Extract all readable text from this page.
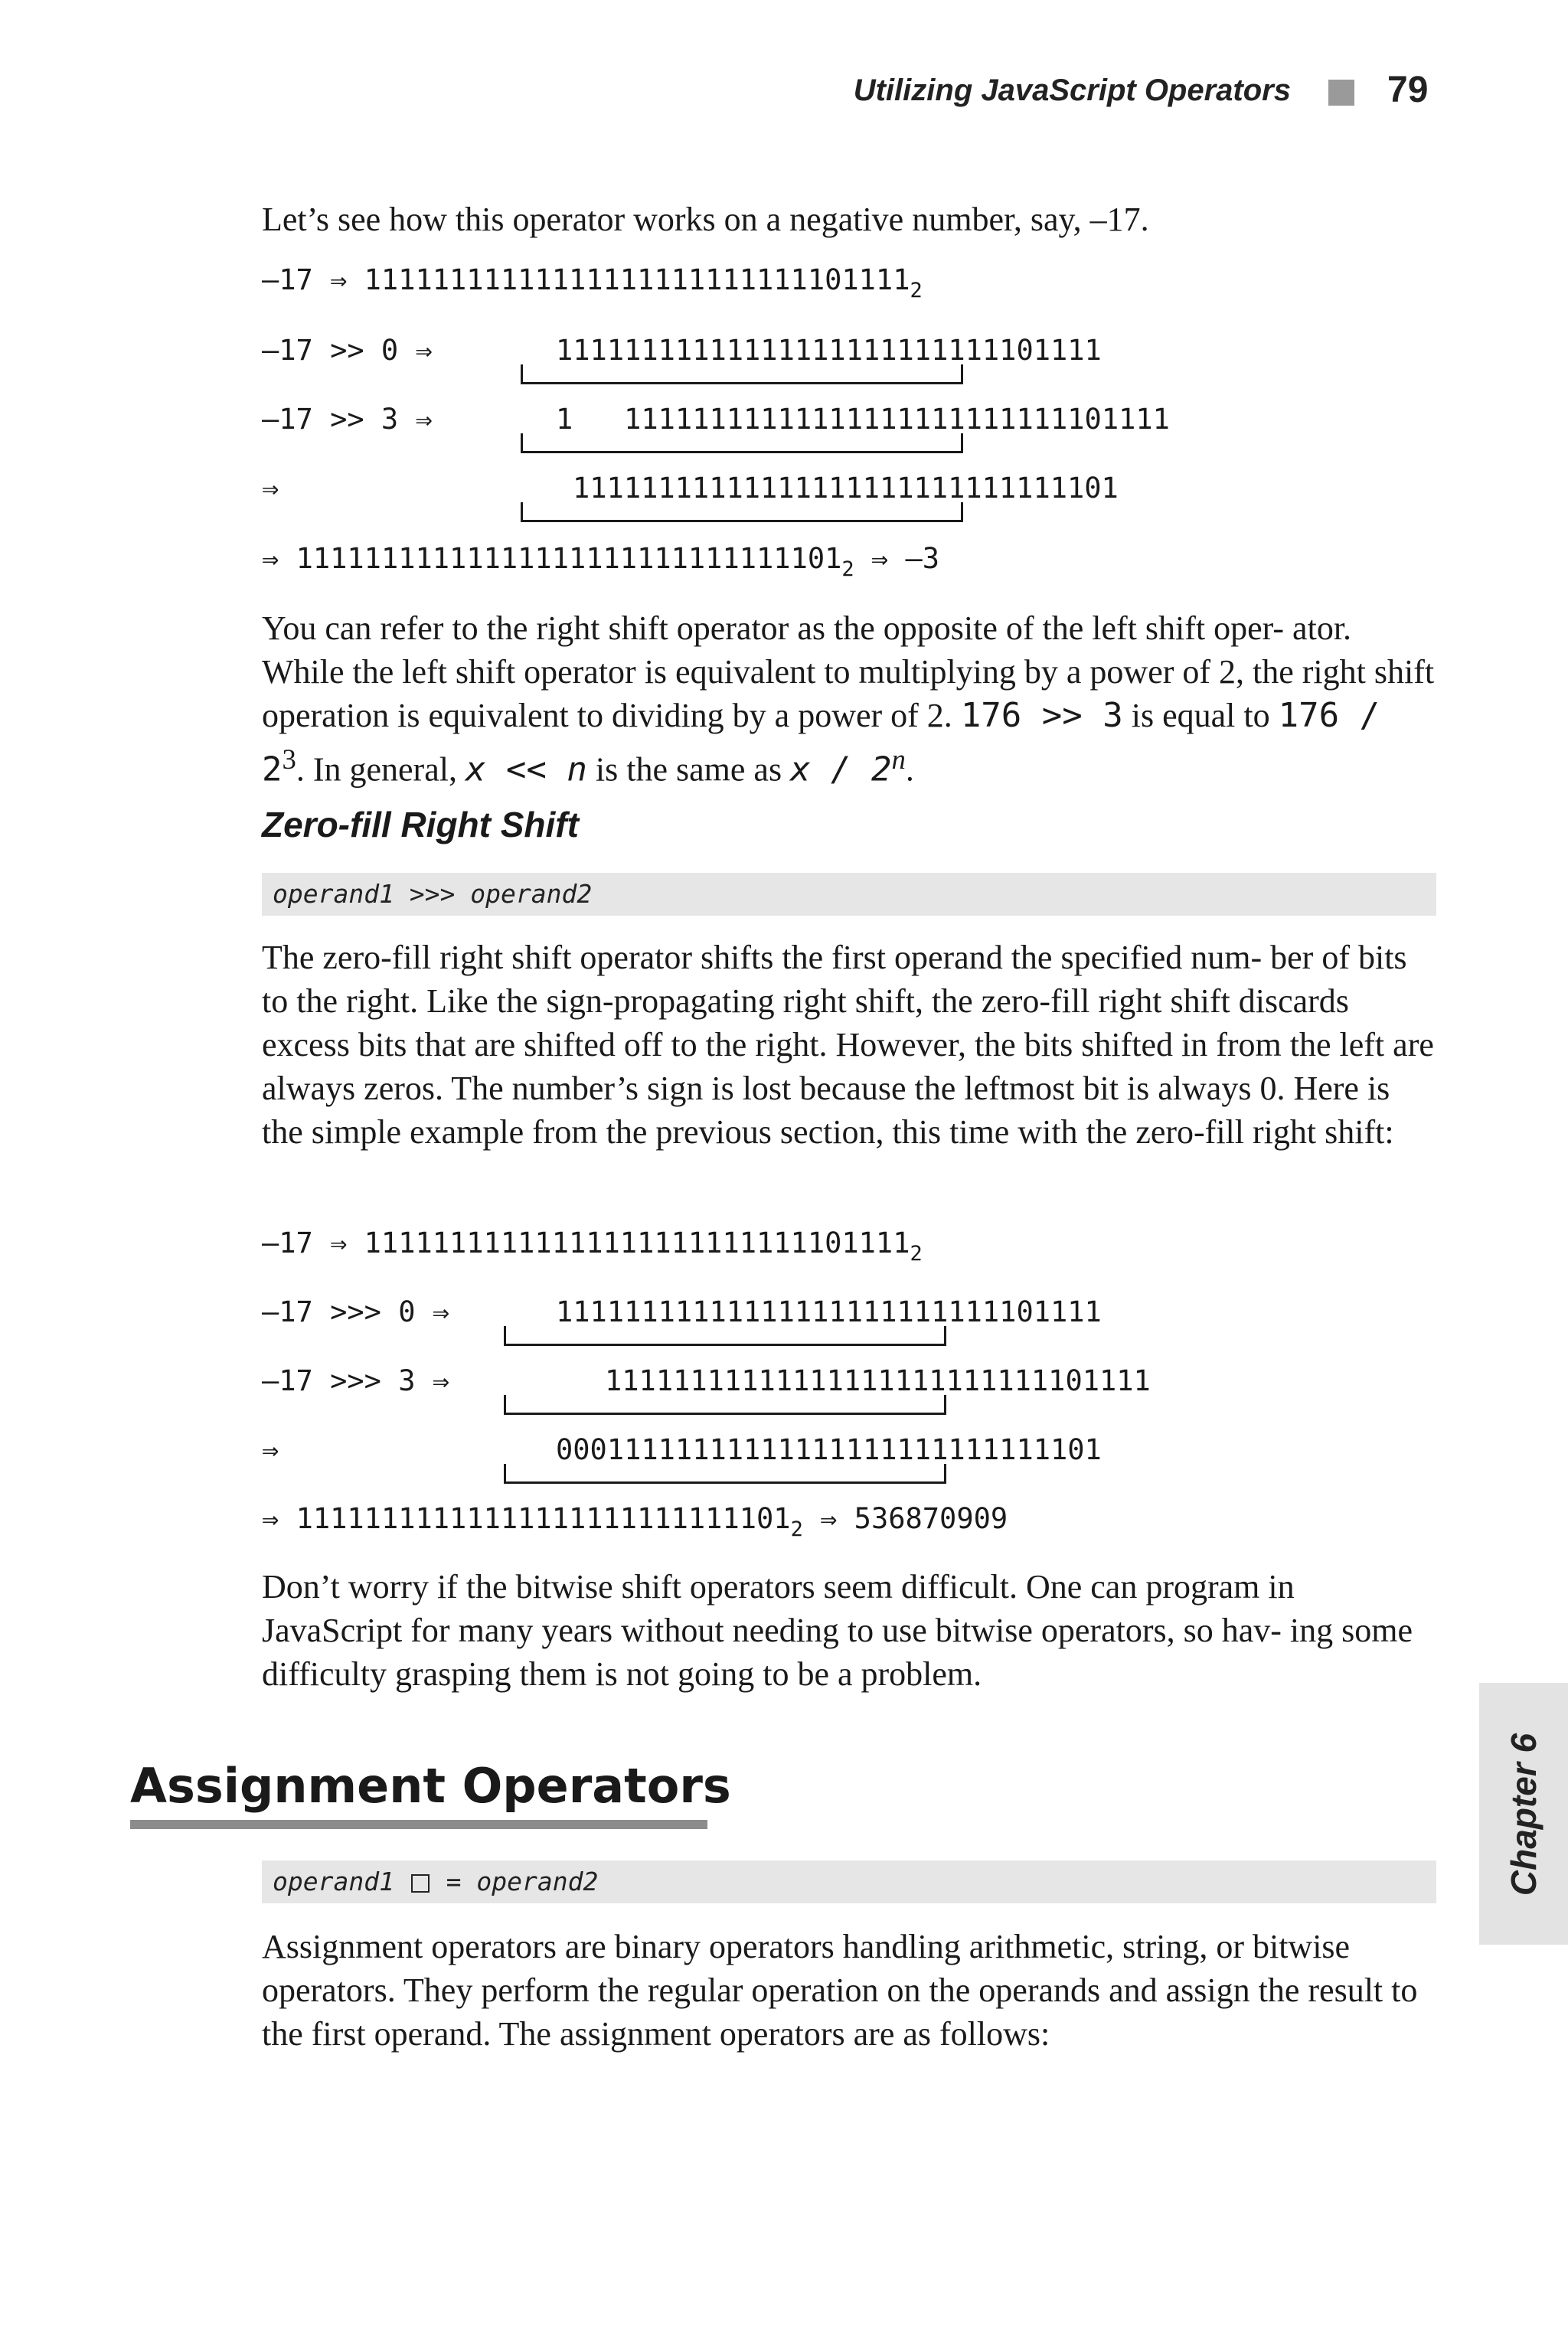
Utilizing JavaScript Operators	79
Let’s see how this operator works on a negative number, say, –17.
–17 ⇒ $11111111111111111111111111101111_2$
–17 >> 0 ⇒	11111111111111111111111111101111
–17 >> 3 ⇒	1   11111111111111111111111111101111
⇒	11111111111111111111111111111101
⇒ $11111111111111111111111111111101_2$ ⇒ –3
You can refer to the right shift operator as the opposite of the left shift oper- ator. While the left shift operator is equivalent to multiplying by a power of 2, the right shift operation is equivalent to dividing by a power of 2. 176 >> 3 is equal to $176 / 2^3$. In general, x << n is the same as x / 2$^n$.
Zero-fill Right Shift
operand1 >>> operand2
The zero-fill right shift operator shifts the first operand the specified num- ber of bits to the right. Like the sign-propagating right shift, the zero-fill right shift discards excess bits that are shifted off to the right. However, the bits shifted in from the left are always zeros. The number’s sign is lost because the leftmost bit is always 0. Here is the simple example from the previous section, this time with the zero-fill right shift:
–17 ⇒ $11111111111111111111111111101111_2$
–17 >>> 0 ⇒	11111111111111111111111111101111
–17 >>> 3 ⇒	11111111111111111111111111101111
⇒	00011111111111111111111111111101
⇒ $11111111111111111111111111101_2$ ⇒ 536870909
Don’t worry if the bitwise shift operators seem difficult. One can program in JavaScript for many years without needing to use bitwise operators, so hav- ing some difficulty grasping them is not going to be a problem.
Assignment Operators
operand1  = operand2
Assignment operators are binary operators handling arithmetic, string, or bitwise operators. They perform the regular operation on the operands and assign the result to the first operand. The assignment operators are as follows:
Chapter 6
